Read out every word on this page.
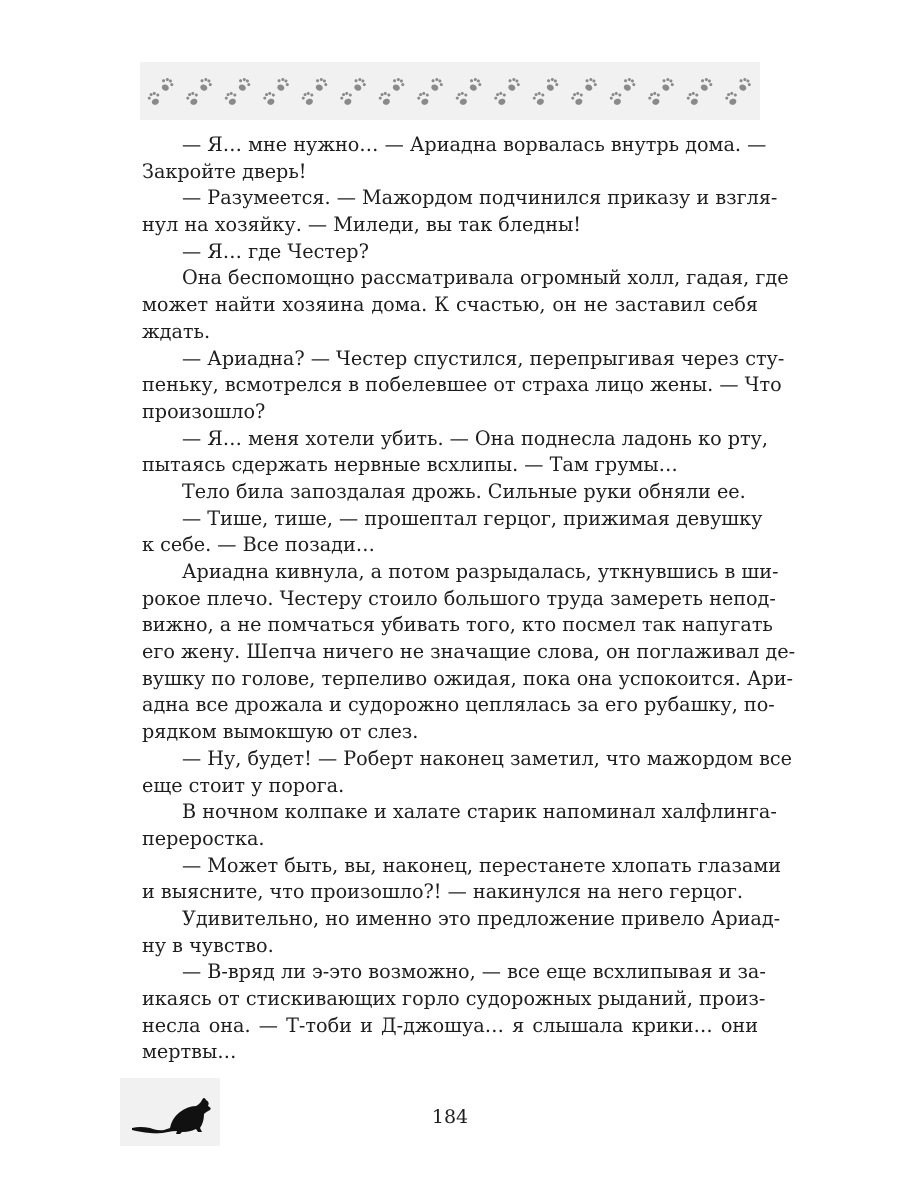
— Я… мне нужно… — Ариадна ворвалась внутрь дома. —
Закройте дверь!
— Разумеется. — Мажордом подчинился приказу и взгля-
нул на хозяйку. — Миледи, вы так бледны!
— Я… где Честер?
Она беспомощно рассматривала огромный холл, гадая, где
может найти хозяина дома. К счастью, он не заставил себя
ждать.
— Ариадна? — Честер спустился, перепрыгивая через сту-
пеньку, всмотрелся в побелевшее от страха лицо жены. — Что
произошло?
— Я… меня хотели убить. — Она поднесла ладонь ко рту,
пытаясь сдержать нервные всхлипы. — Там грумы…
Тело била запоздалая дрожь. Сильные руки обняли ее.
— Тише, тише, — прошептал герцог, прижимая девушку
к себе. — Все позади…
Ариадна кивнула, а потом разрыдалась, уткнувшись в ши-
рокое плечо. Честеру стоило большого труда замереть непод-
вижно, а не помчаться убивать того, кто посмел так напугать
его жену. Шепча ничего не значащие слова, он поглаживал де-
вушку по голове, терпеливо ожидая, пока она успокоится. Ари-
адна все дрожала и судорожно цеплялась за его рубашку, по-
рядком вымокшую от слез.
— Ну, будет! — Роберт наконец заметил, что мажордом все
еще стоит у порога.
В ночном колпаке и халате старик напоминал халфлинга-
переростка.
— Может быть, вы, наконец, перестанете хлопать глазами
и выясните, что произошло?! — накинулся на него герцог.
Удивительно, но именно это предложение привело Ариад-
ну в чувство.
— В-вряд ли э-это возможно, — все еще всхлипывая и за-
икаясь от стискивающих горло судорожных рыданий, произ-
несла она. — Т-тоби и Д-джошуа… я слышала крики… они
мертвы…
184
